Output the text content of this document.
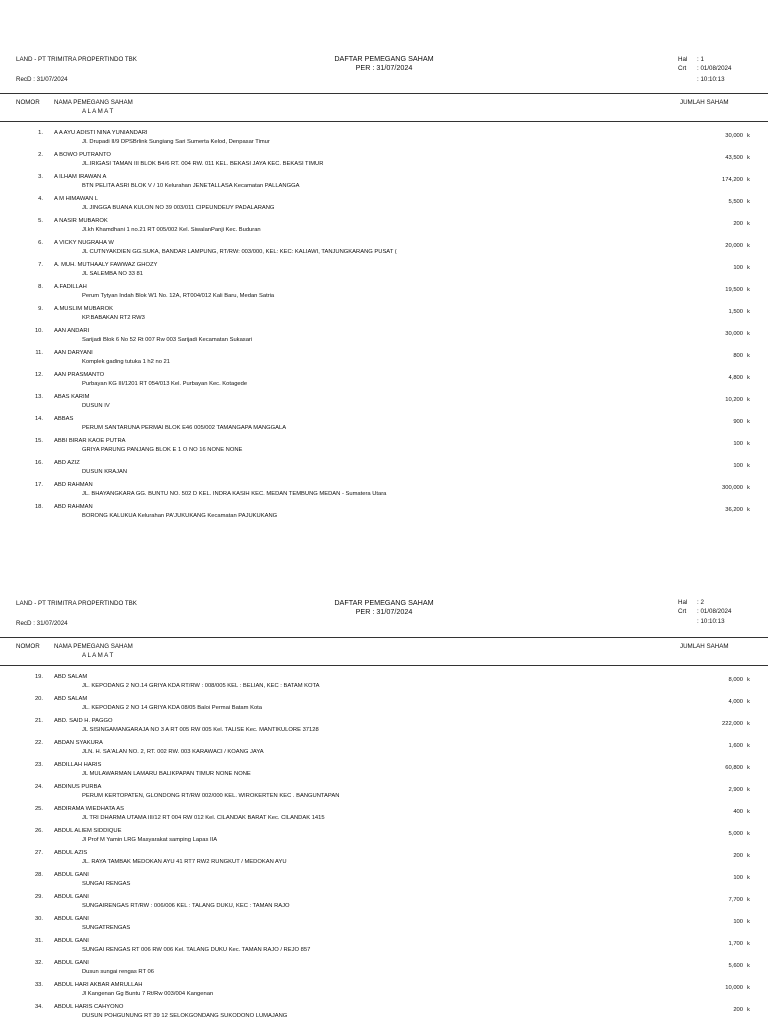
LAND - PT TRIMITRA PROPERTINDO TBK	DAFTAR PEMEGANG SAHAM
PER : 31/07/2024
RecD : 31/07/2024
Hal : 1
Crt : 01/08/2024
: 10:10:13
NOMOR NAMA PEMEGANG SAHAM
A L A M A T
JUMLAH SAHAM
1. A A AYU ADISTI NINA YUNIANDARI
Jl. Drupadi II/9 DPSBrlink Sungiang Sari Sumerta Kelod, Denpasar Timur
30,000 k
2. A BOWO PUTRANTO
JL.IRIGASI TAMAN III BLOK B4/6 RT. 004 RW. 011 KEL. BEKASI JAYA KEC. BEKASI TIMUR
43,500 k
3. A ILHAM IRAWAN A
BTN PELITA ASRI BLOK V / 10 Kelurahan JENETALLASA Kecamatan PALLANGGA
174,200 k
4. A M HIMAWAN L
JL JINGGA BUANA KULON NO 39 003/011 CIPEUNDEUY PADALARANG
5,500 k
5. A NASIR MUBAROK
Jl.kh Khamdhani 1 no.21 RT 005/002 Kel. SiwalanPanji Kec. Buduran
200 k
6. A VICKY NUGRAHA W
JL CUTNYAKDIEN GG.SUKA, BANDAR LAMPUNG, RT/RW: 003/000, KEL: KEC: KALIAWI, TANJUNGKARANG PUSAT (
20,000 k
7. A. MUH. MUTHAALY FAWWAZ GHOZY
JL SALEMBA NO 33 81
100 k
8. A.FADILLAH
Perum Tytyan Indah Blok W1 No. 12A, RT004/012 Kali Baru, Medan Satria
19,500 k
9. A.MUSLIM MUBAROK
KP.BABAKAN RT2 RW3
1,500 k
10. AAN ANDARI
Sarijadi Blok 6 No 52 Rt 007 Rw 003 Sarijadi Kecamatan Sukasari
30,000 k
11. AAN DARYANI
Komplek gading tutuka 1 h2 no 21
800 k
12. AAN PRASMANTO
Purbayan KG III/1201 RT 054/013 Kel. Purbayan Kec. Kotagede
4,800 k
13. ABAS KARIM
DUSUN IV
10,200 k
14. ABBAS
PERUM SANTARUNA PERMAI BLOK E46 005/002 TAMANGAPA MANGGALA
900 k
15. ABBI BIRAR KAOE PUTRA
GRIYA PARUNG PANJANG BLOK E 1 O NO 16 NONE NONE
100 k
16. ABD AZIZ
DUSUN KRAJAN
100 k
17. ABD RAHMAN
JL. BHAYANGKARA GG. BUNTU NO. 502 D KEL. INDRA KASIH KEC. MEDAN TEMBUNG MEDAN - Sumatera Utara
300,000 k
18. ABD RAHMAN
BORONG KALUKUA Kelurahan PA'JUKUKANG Kecamatan PAJUKUKANG
36,200 k
LAND - PT TRIMITRA PROPERTINDO TBK	DAFTAR PEMEGANG SAHAM
PER : 31/07/2024
RecD : 31/07/2024
Hal : 2
Crt : 01/08/2024
: 10:10:13
NOMOR NAMA PEMEGANG SAHAM
A L A M A T
JUMLAH SAHAM
19. ABD SALAM
JL. KEPODANG 2 NO.14 GRIYA KDA RT/RW : 008/005 KEL : BELIAN, KEC : BATAM KOTA
8,000 k
20. ABD SALAM
JL. KEPODANG 2 NO 14 GRIYA KDA 08/05 Baloi Permai Batam Kota
4,000 k
21. ABD. SAID H. PAGGO
JL SISINGAMANGARAJA NO 3 A RT 005 RW 005 Kel. TALISE Kec. MANTIKULORE 37128
222,000 k
22. ABDAN SYAKURA
JLN. H. SA'ALAN NO. 2, RT. 002 RW. 003 KARAWACI / KOANG JAYA
1,600 k
23. ABDILLAH HARIS
JL MULAWARMAN LAMARU BALIKPAPAN TIMUR NONE NONE
60,800 k
24. ABDINUS PURBA
PERUM KERTOPATEN, GLONDONG RT/RW 002/000 KEL. WIROKERTEN KEC . BANGUNTAPAN
2,900 k
25. ABDIRAMA WIEDHATA AS
JL TRI DHARMA UTAMA III/12 RT 004 RW 012 Kel. CILANDAK BARAT Kec. CILANDAK 1415
400 k
26. ABDUL ALIEM SIDDIQUE
Jl Prof M Yamin LRG Masyarakat samping Lapas IIA
5,000 k
27. ABDUL AZIS
JL. RAYA TAMBAK MEDOKAN AYU 41 RT7 RW2 RUNGKUT / MEDOKAN AYU
200 k
28. ABDUL GANI
SUNGAI RENGAS
100 k
29. ABDUL GANI
SUNGAIRENGAS RT/RW : 006/006 KEL : TALANG DUKU, KEC : TAMAN RAJO
7,700 k
30. ABDUL GANI
SUNGATRENGAS
100 k
31. ABDUL GANI
SUNGAI RENGAS RT 006 RW 006 Kel. TALANG DUKU Kec. TAMAN RAJO / REJO 857
1,700 k
32. ABDUL GANI
Dusun sungai rengas RT 06
5,600 k
33. ABDUL HARI AKBAR AMRULLAH
Jl Kangenan Gg Buntu 7 Rt/Rw 003/004 Kangenan
10,000 k
34. ABDUL HARIS CAHYONO
DUSUN POHGUNUNG RT 39 12 SELOKGONDANG SUKODONO LUMAJANG
200 k
